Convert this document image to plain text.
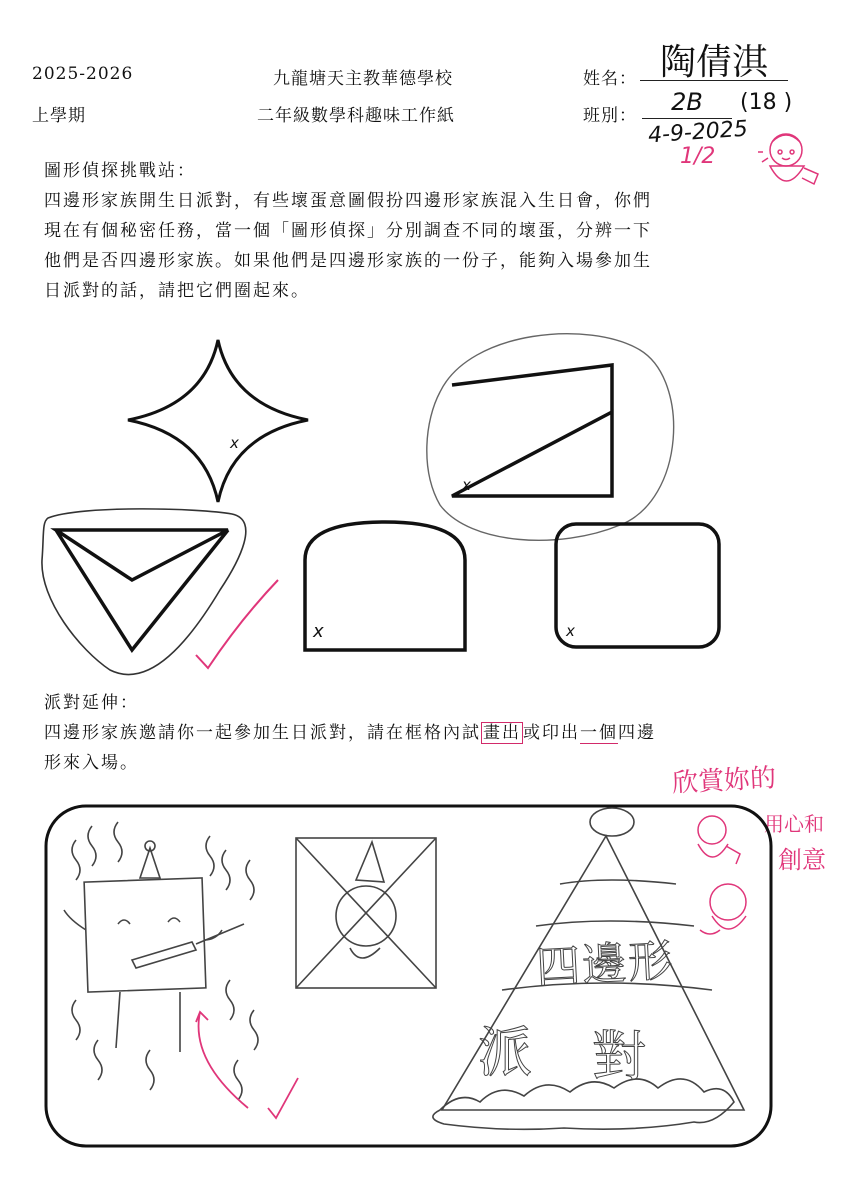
2025-2026
上學期
九龍塘天主教華德學校
二年級數學科趣味工作紙
姓名： 陶倩淇
班別：	2B	(18 )
4-9-2025
1/2
圖形偵探挑戰站：
四邊形家族開生日派對，有些壞蛋意圖假扮四邊形家族混入生日會，你們
現在有個秘密任務，當一個「圖形偵探」分別調查不同的壞蛋，分辨一下
他們是否四邊形家族。如果他們是四邊形家族的一份子，能夠入場參加生
日派對的話，請把它們圈起來。
x
x
x	x
派對延伸：
四邊形家族邀請你一起參加生日派對，請在框格內試 畫出 或印出一個四邊
形來入場。
欣賞妳的
用心和
創意
四邊形
派 對
